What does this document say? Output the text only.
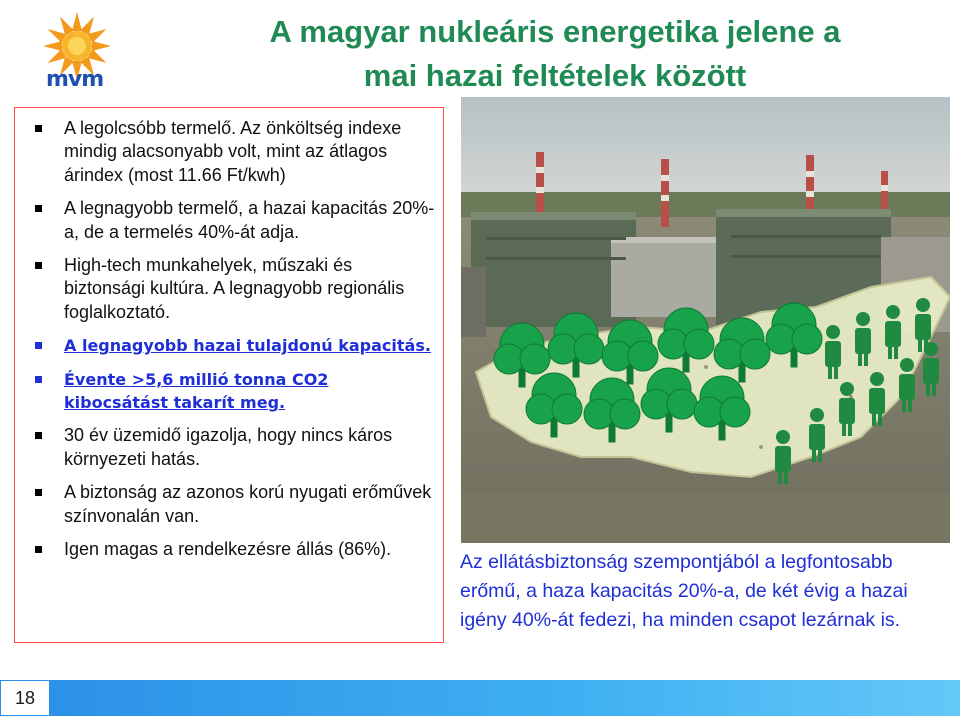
mvm
A magyar nukleáris energetika jelene a
mai hazai feltételek között
A legolcsóbb termelő. Az önköltség indexe mindig alacsonyabb volt, mint az átlagos árindex (most 11.66 Ft/kwh)
A legnagyobb termelő, a hazai kapacitás 20%-a, de a termelés 40%-át adja.
High-tech munkahelyek, műszaki és biztonsági kultúra. A legnagyobb regionális foglalkoztató.
A legnagyobb hazai tulajdonú kapacitás.
Évente >5,6 millió tonna CO2 kibocsátást takarít meg.
30 év üzemidő igazolja, hogy nincs káros környezeti hatás.
A biztonság az azonos korú nyugati erőművek színvonalán van.
Igen magas a rendelkezésre állás (86%).
Az ellátásbiztonság szempontjából a legfontosabb erőmű, a haza kapacitás 20%-a, de két évig a hazai igény 40%-át fedezi, ha minden csapot lezárnak is.
18
